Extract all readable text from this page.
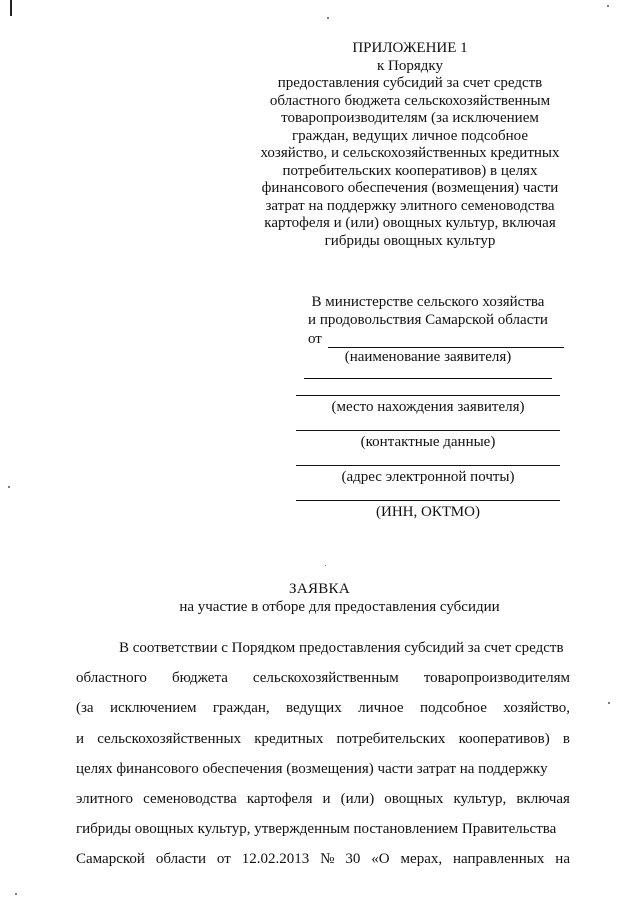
ПРИЛОЖЕНИЕ 1
к Порядку
предоставления субсидий за счет средств
областного бюджета сельскохозяйственным
товаропроизводителям (за исключением
граждан, ведущих личное подсобное
хозяйство, и сельскохозяйственных кредитных
потребительских кооперативов) в целях
финансового обеспечения (возмещения) части
затрат на поддержку элитного семеноводства
картофеля и (или) овощных культур, включая
гибриды овощных культур
В министерстве сельского хозяйства
и продовольствия Самарской области
от
(наименование заявителя)
(место нахождения заявителя)
(контактные данные)
(адрес электронной почты)
(ИНН, ОКТМО)
ЗАЯВКА
на участие в отборе для предоставления субсидии
В соответствии с Порядком предоставления субсидий за счет средств
областного бюджета сельскохозяйственным товаропроизводителям
(за исключением граждан, ведущих личное подсобное хозяйство,
и сельскохозяйственных кредитных потребительских кооперативов) в
целях финансового обеспечения (возмещения) части затрат на поддержку
элитного семеноводства картофеля и (или) овощных культур, включая
гибриды овощных культур, утвержденным постановлением Правительства
Самарской области от 12.02.2013 № 30 «О мерах, направленных на
